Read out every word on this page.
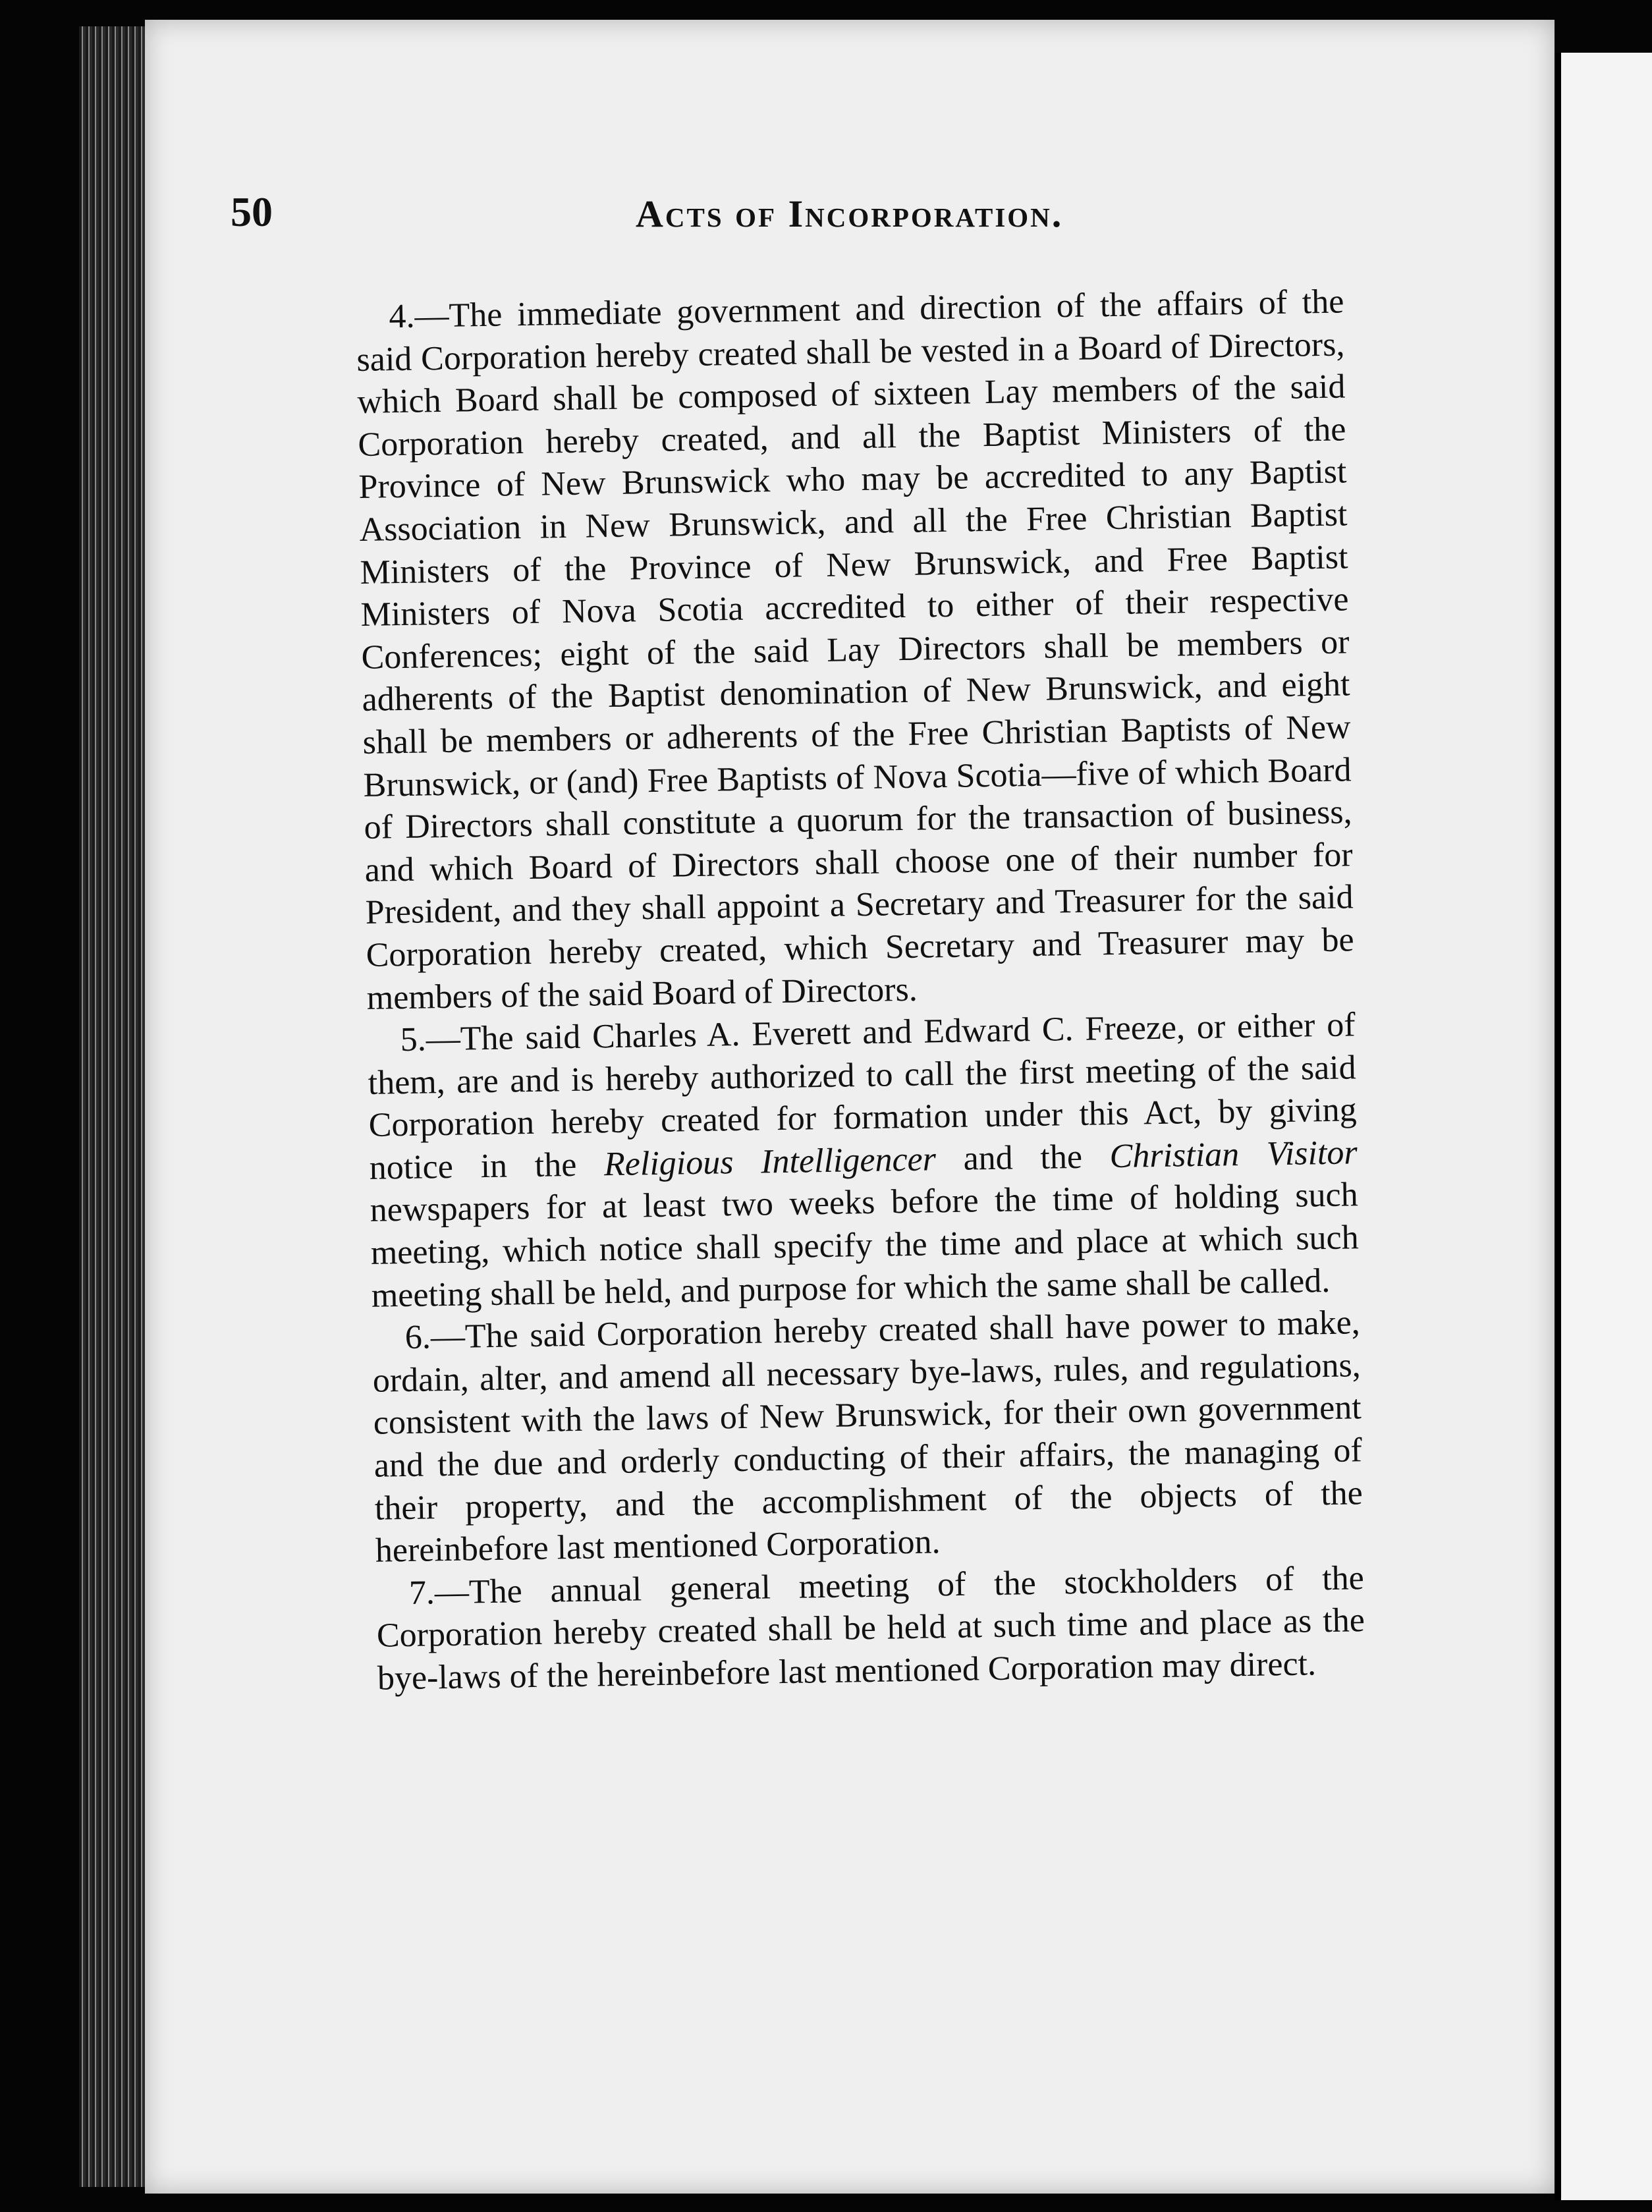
50	Acts of Incorporation.

4.—The immediate government and direction of the affairs of the said Corporation hereby created shall be vested in a Board of Directors, which Board shall be composed of sixteen Lay members of the said Corporation hereby created, and all the Baptist Ministers of the Province of New Brunswick who may be accredited to any Baptist Association in New Brunswick, and all the Free Christian Baptist Ministers of the Province of New Brunswick, and Free Baptist Ministers of Nova Scotia accredited to either of their respective Conferences; eight of the said Lay Directors shall be members or adherents of the Baptist denomination of New Brunswick, and eight shall be members or adherents of the Free Christian Baptists of New Brunswick, or (and) Free Baptists of Nova Scotia—five of which Board of Directors shall constitute a quorum for the transaction of business, and which Board of Directors shall choose one of their number for President, and they shall appoint a Secretary and Treasurer for the said Corporation hereby created, which Secretary and Treasurer may be members of the said Board of Directors.

5.—The said Charles A. Everett and Edward C. Freeze, or either of them, are and is hereby authorized to call the first meeting of the said Corporation hereby created for formation under this Act, by giving notice in the Religious Intelligencer and the Christian Visitor newspapers for at least two weeks before the time of holding such meeting, which notice shall specify the time and place at which such meeting shall be held, and purpose for which the same shall be called.

6.—The said Corporation hereby created shall have power to make, ordain, alter, and amend all necessary bye-laws, rules, and regulations, consistent with the laws of New Brunswick, for their own government and the due and orderly conducting of their affairs, the managing of their property, and the accomplishment of the objects of the hereinbefore last mentioned Corporation.

7.—The annual general meeting of the stockholders of the Corporation hereby created shall be held at such time and place as the bye-laws of the hereinbefore last mentioned Corporation may direct.
